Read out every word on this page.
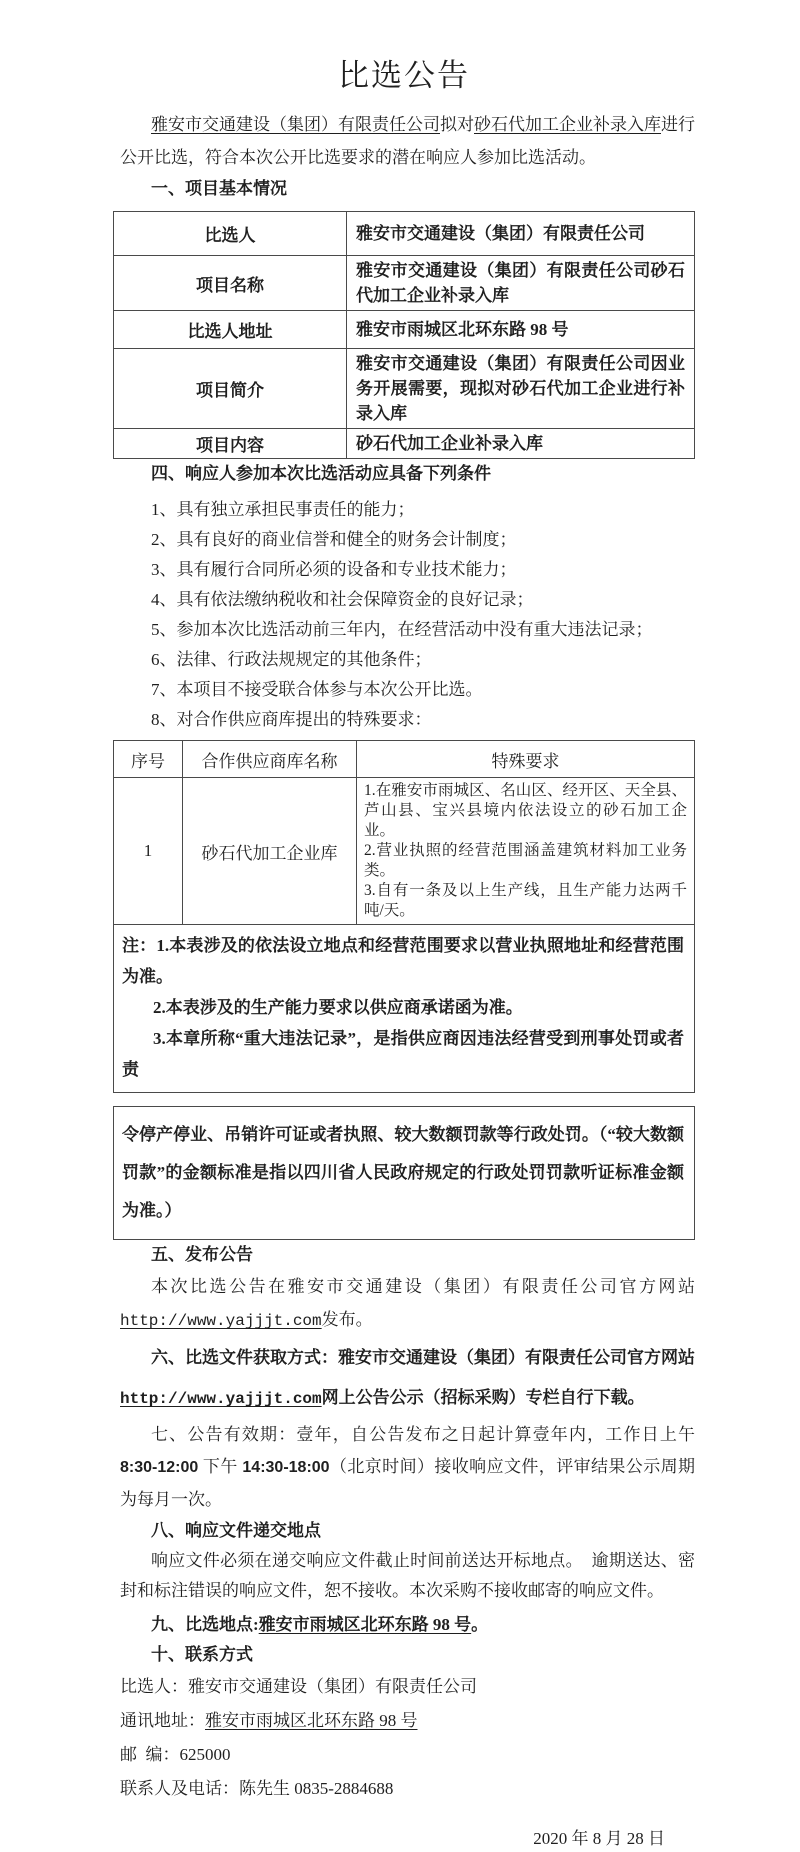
比选公告

雅安市交通建设（集团）有限责任公司拟对砂石代加工企业补录入库进行公开比选，符合本次公开比选要求的潜在响应人参加比选活动。

一、项目基本情况
比选人	雅安市交通建设（集团）有限责任公司
项目名称	雅安市交通建设（集团）有限责任公司砂石代加工企业补录入库
比选人地址	雅安市雨城区北环东路 98 号
项目简介	雅安市交通建设（集团）有限责任公司因业务开展需要，现拟对砂石代加工企业进行补录入库
项目内容	砂石代加工企业补录入库
四、响应人参加本次比选活动应具备下列条件

1、具有独立承担民事责任的能力；

2、具有良好的商业信誉和健全的财务会计制度；

3、具有履行合同所必须的设备和专业技术能力；

4、具有依法缴纳税收和社会保障资金的良好记录；

5、参加本次比选活动前三年内，在经营活动中没有重大违法记录；

6、法律、行政法规规定的其他条件；

7、本项目不接受联合体参与本次公开比选。

8、对合作供应商库提出的特殊要求：

序号	合作供应商库名称	特殊要求
1	砂石代加工企业库	1.在雅安市雨城区、名山区、经开区、天全县、芦山县、宝兴县境内依法设立的砂石加工企业。

2.营业执照的经营范围涵盖建筑材料加工业务类。

3.自有一条及以上生产线，且生产能力达两千吨/天。

注：1.本表涉及的依法设立地点和经营范围要求以营业执照地址和经营范围为准。

2.本表涉及的生产能力要求以供应商承诺函为准。

3.本章所称“重大违法记录”，是指供应商因违法经营受到刑事处罚或者责		

令停产停业、吊销许可证或者执照、较大数额罚款等行政处罚。（“较大数额罚款”的金额标准是指以四川省人民政府规定的行政处罚罚款听证标准金额为准。）
五、发布公告

本次比选公告在雅安市交通建设（集团）有限责任公司官方网站http://www.yajjjt.com发布。

六、比选文件获取方式：雅安市交通建设（集团）有限责任公司官方网站http://www.yajjjt.com网上公告公示（招标采购）专栏自行下载。

七、公告有效期：壹年，自公告发布之日起计算壹年内，工作日上午8:30-12:00 下午 14:30-18:00（北京时间）接收响应文件，评审结果公示周期为每月一次。

八、响应文件递交地点

响应文件必须在递交响应文件截止时间前送达开标地点。　逾期送达、密封和标注错误的响应文件，恕不接收。本次采购不接收邮寄的响应文件。

九、比选地点:雅安市雨城区北环东路 98 号。

十、联系方式

比选人：雅安市交通建设（集团）有限责任公司

通讯地址：雅安市雨城区北环东路 98 号

邮  编：625000

联系人及电话：陈先生 0835-2884688

2020 年 8 月 28 日
